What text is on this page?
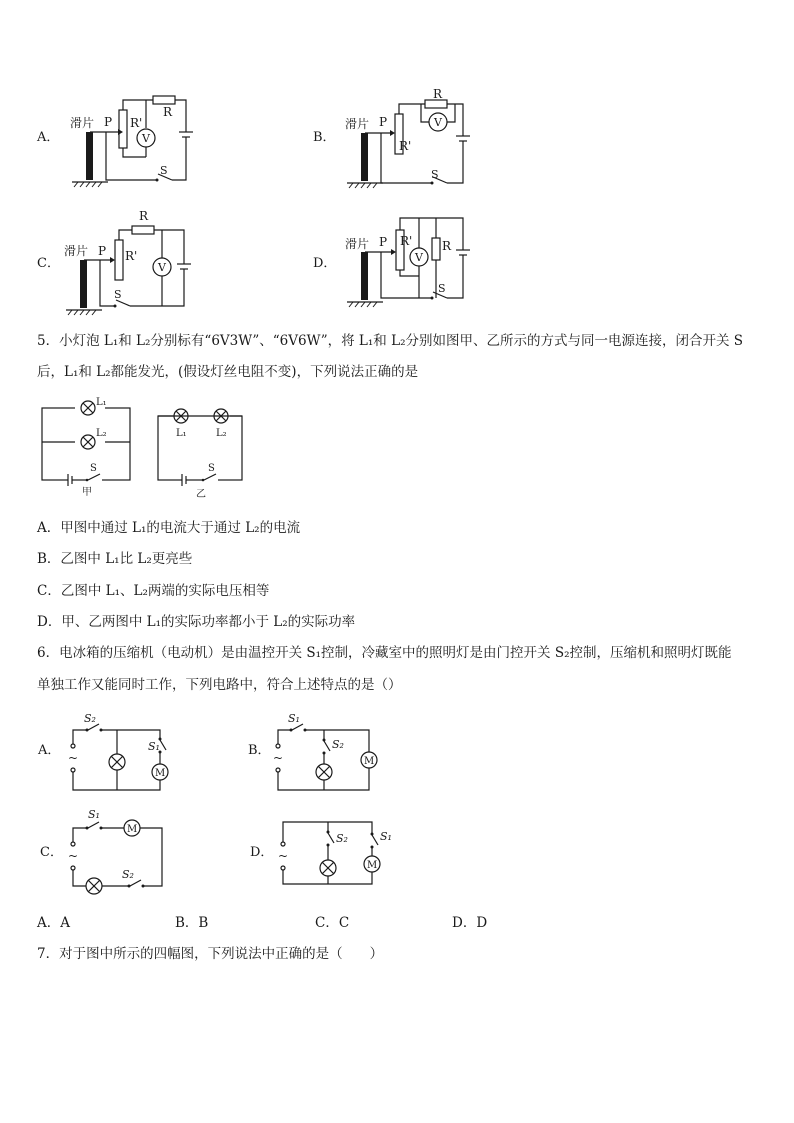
A．
滑片 P R'
R
V
S
B．
滑片 P
R'
R
V
S
C．
滑片 P R'
R
V
S
D．
滑片 P R'
V
R
S
5．小灯泡 L₁和 L₂分别标有“6V3W”、“6V6W”，将 L₁和 L₂分别如图甲、乙所示的方式与同一电源连接，闭合开关 S
后，L₁和 L₂都能发光，(假设灯丝电阻不变)，下列说法正确的是
L₁
L₂
S
甲
L₁	L₂
S
乙
A．甲图中通过 L₁的电流大于通过 L₂的电流
B．乙图中 L₁比 L₂更亮些
C．乙图中 L₁、L₂两端的实际电压相等
D．甲、乙两图中 L₁的实际功率都小于 L₂的实际功率
6．电冰箱的压缩机（电动机）是由温控开关 S₁控制，冷藏室中的照明灯是由门控开关 S₂控制，压缩机和照明灯既能
单独工作又能同时工作，下列电路中，符合上述特点的是（）
A． ~
S₂
S₁
M
B． ~
S₁
S₂
M
C． ~
S₁
M
S₂
D． ~
S₂	S₁
M
A．A	B．B	C．C	D．D
7．对于图中所示的四幅图，下列说法中正确的是（　　）
